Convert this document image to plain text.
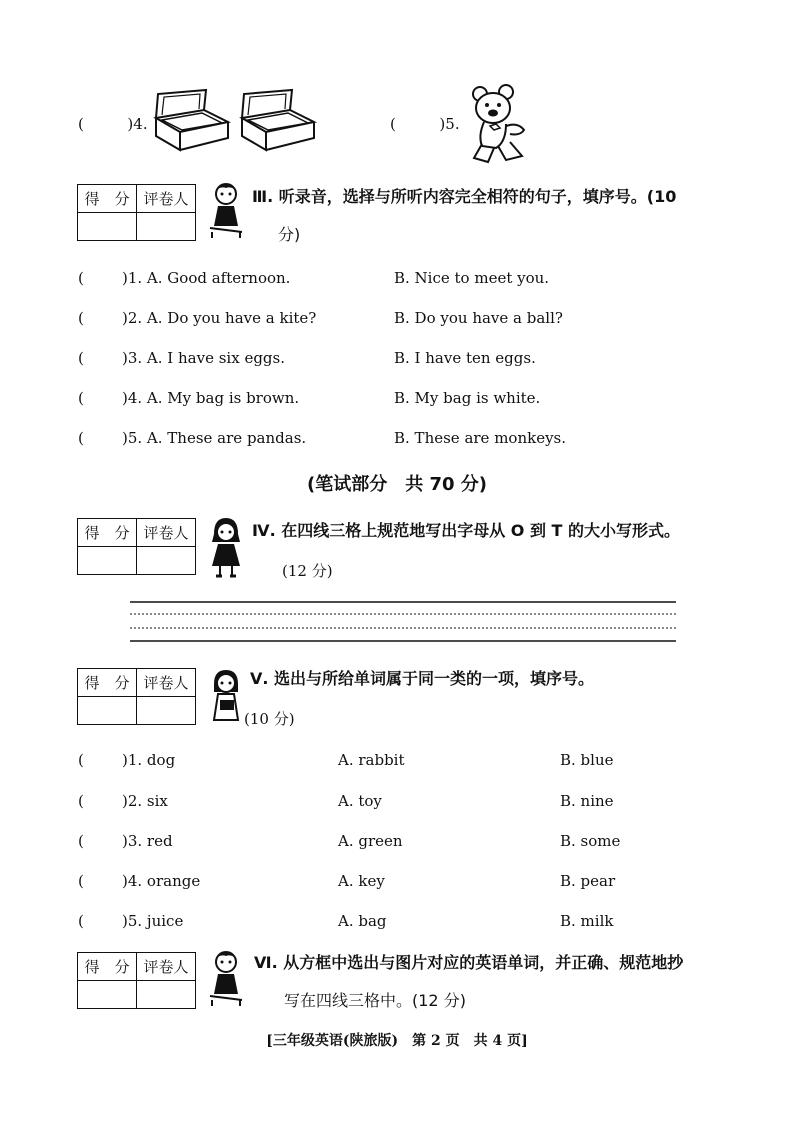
(	)4.	(	)5.
得　分	评卷人
		Ⅲ. 听录音，选择与所听内容完全相符的句子，填序号。(10
分)
(	)1. A. Good afternoon.	B. Nice to meet you.
(	)2. A. Do you have a kite?	B. Do you have a ball?
(	)3. A. I have six eggs.	B. I have ten eggs.
(	)4. A. My bag is brown.	B. My bag is white.
(	)5. A. These are pandas.	B. These are monkeys.
(笔试部分　共 70 分)
得　分	评卷人
		Ⅳ. 在四线三格上规范地写出字母从 O 到 T 的大小写形式。
(12 分)
得　分	评卷人
		Ⅴ. 选出与所给单词属于同一类的一项，填序号。
(10 分)
(	)1. dog	A. rabbit	B. blue
(	)2. six	A. toy	B. nine
(	)3. red	A. green	B. some
(	)4. orange	A. key	B. pear
(	)5. juice	A. bag	B. milk
得　分	评卷人
		Ⅵ. 从方框中选出与图片对应的英语单词，并正确、规范地抄
写在四线三格中。(12 分)
[三年级英语(陕旅版)　第 2 页　共 4 页]
